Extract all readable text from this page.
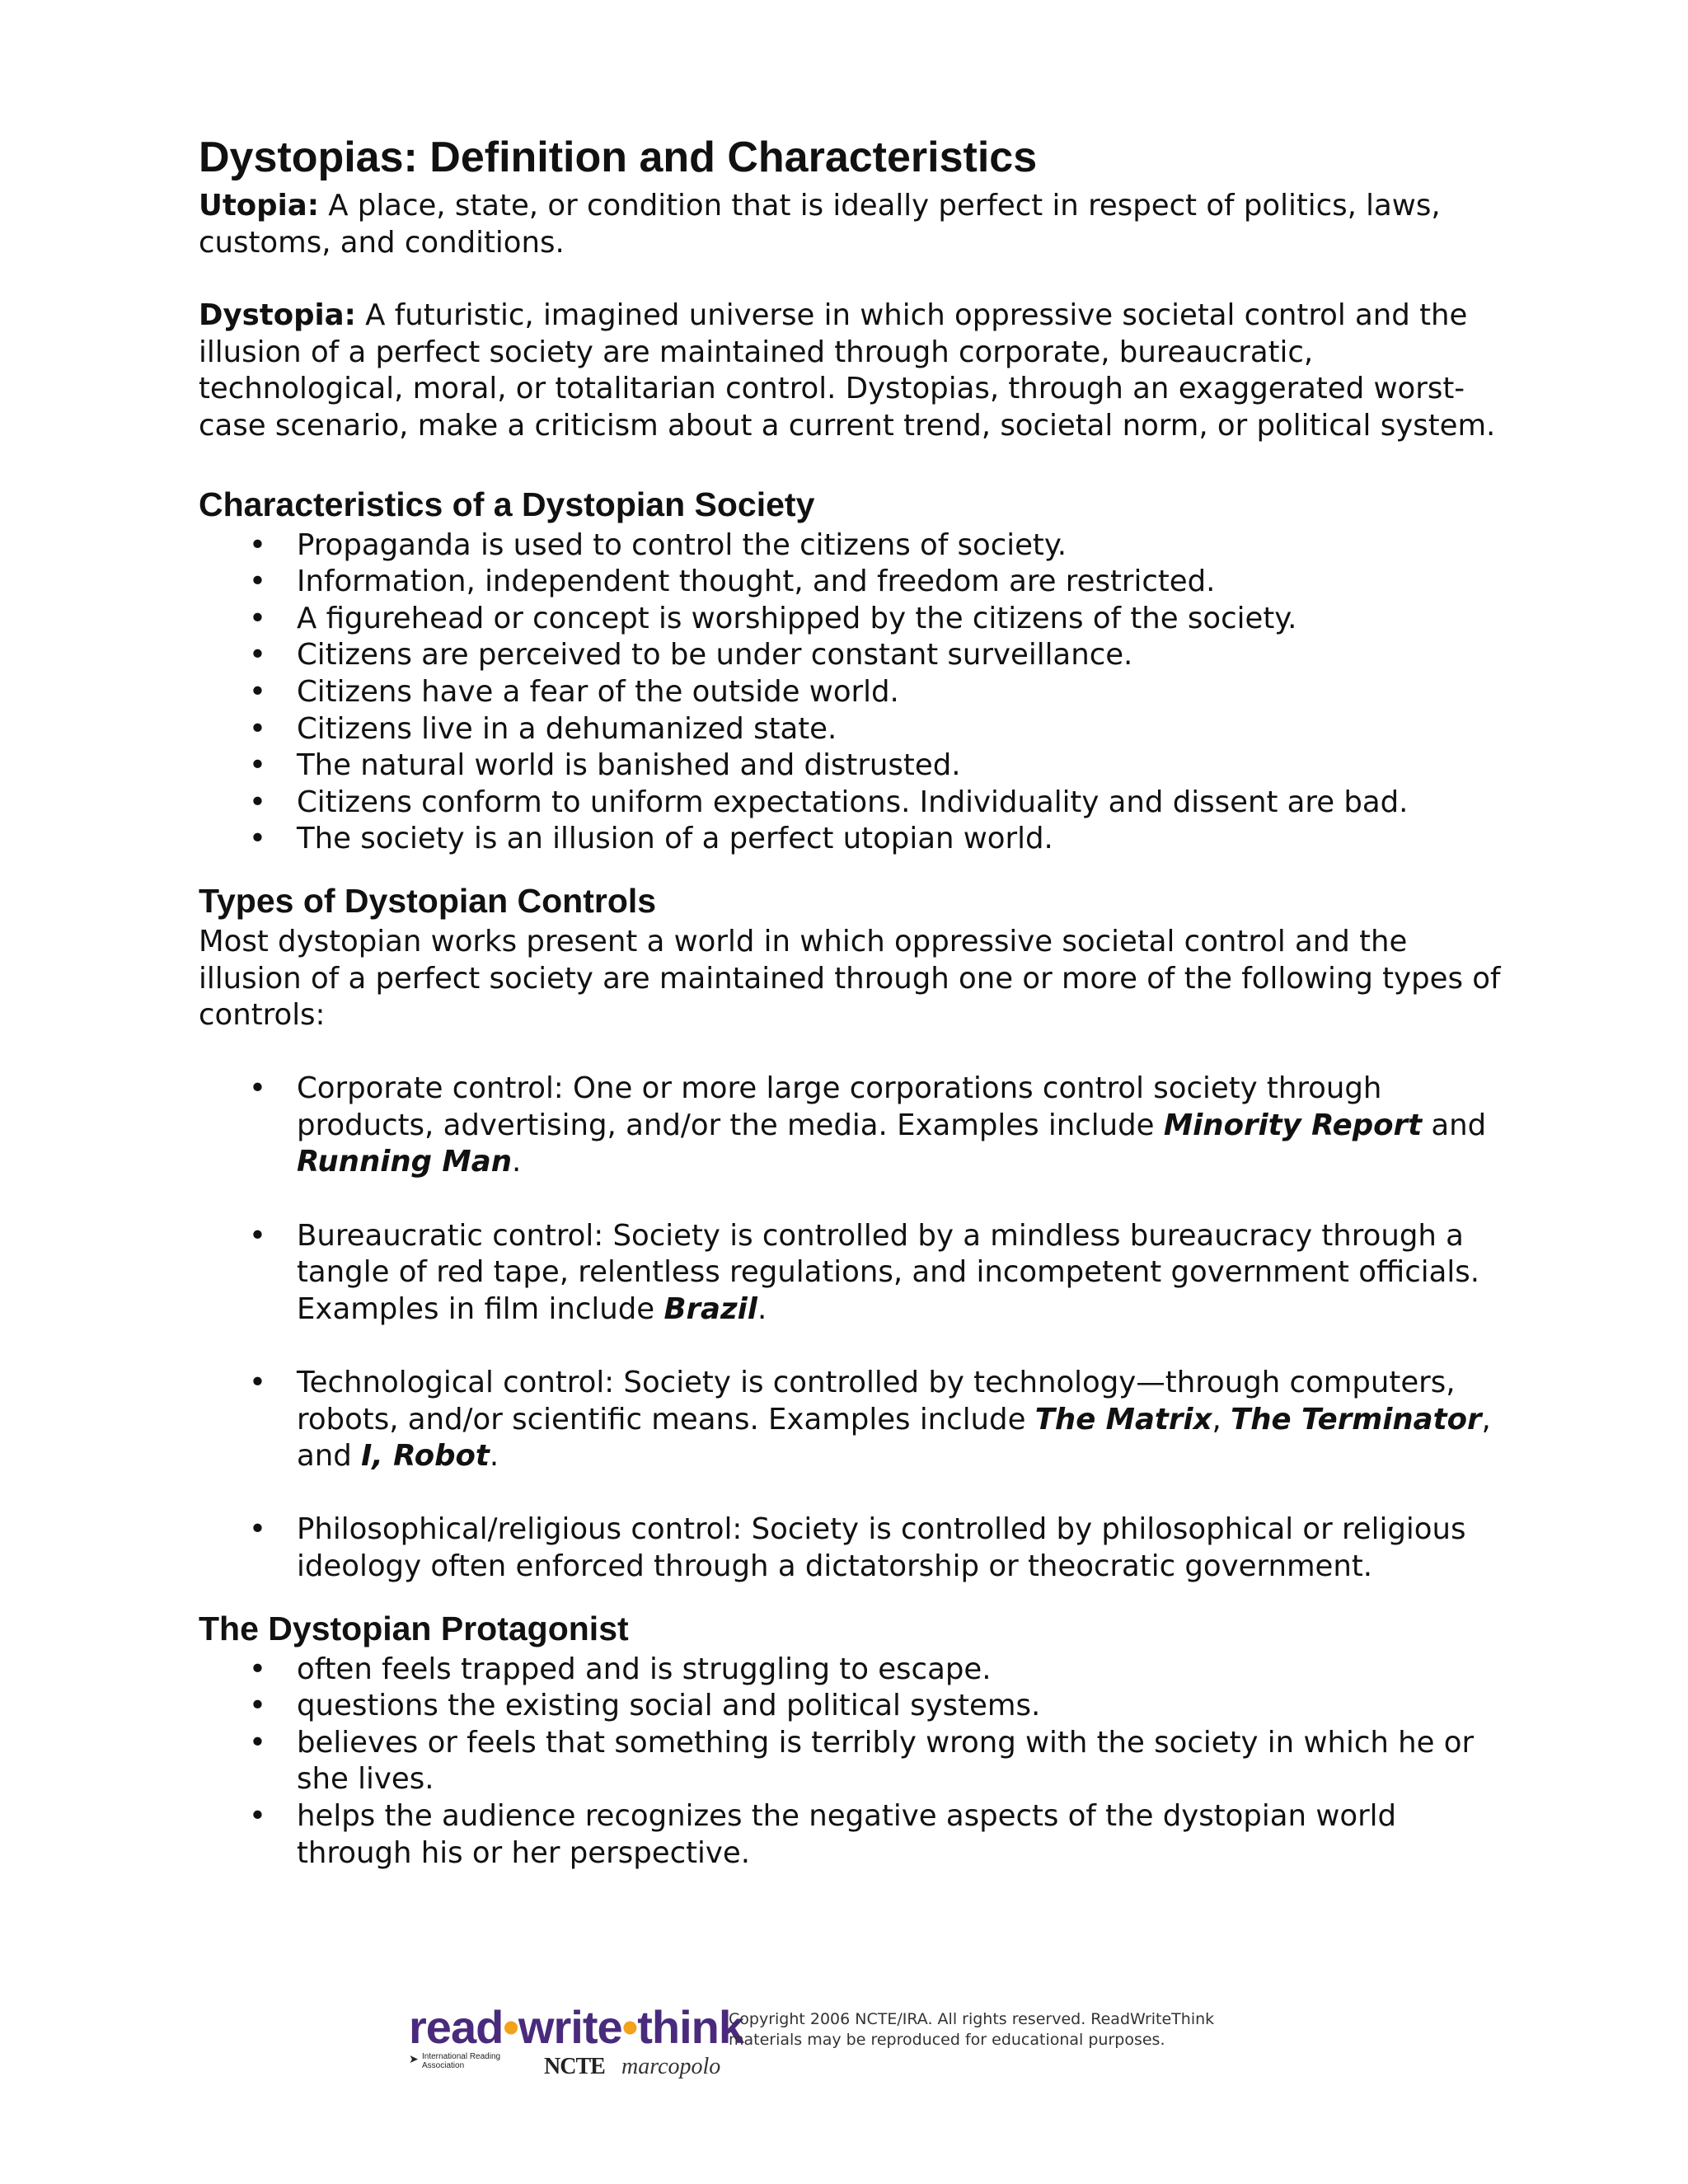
Dystopias: Definition and Characteristics

Utopia: A place, state, or condition that is ideally perfect in respect of politics, laws, customs, and conditions.

Dystopia: A futuristic, imagined universe in which oppressive societal control and the illusion of a perfect society are maintained through corporate, bureaucratic, technological, moral, or totalitarian control. Dystopias, through an exaggerated worst-case scenario, make a criticism about a current trend, societal norm, or political system.

Characteristics of a Dystopian Society
• Propaganda is used to control the citizens of society.
• Information, independent thought, and freedom are restricted.
• A figurehead or concept is worshipped by the citizens of the society.
• Citizens are perceived to be under constant surveillance.
• Citizens have a fear of the outside world.
• Citizens live in a dehumanized state.
• The natural world is banished and distrusted.
• Citizens conform to uniform expectations. Individuality and dissent are bad.
• The society is an illusion of a perfect utopian world.
Types of Dystopian Controls

Most dystopian works present a world in which oppressive societal control and the illusion of a perfect society are maintained through one or more of the following types of controls:

• Corporate control: One or more large corporations control society through products, advertising, and/or the media. Examples include Minority Report and Running Man.
• Bureaucratic control: Society is controlled by a mindless bureaucracy through a tangle of red tape, relentless regulations, and incompetent government officials. Examples in film include Brazil.
• Technological control: Society is controlled by technology—through computers, robots, and/or scientific means. Examples include The Matrix, The Terminator, and I, Robot.
• Philosophical/religious control: Society is controlled by philosophical or religious ideology often enforced through a dictatorship or theocratic government.
The Dystopian Protagonist
• often feels trapped and is struggling to escape.
• questions the existing social and political systems.
• believes or feels that something is terribly wrong with the society in which he or she lives.
• helps the audience recognizes the negative aspects of the dystopian world through his or her perspective.
read•write•think
➤ International Reading Association	NCTE marcopolo
Copyright 2006 NCTE/IRA. All rights reserved. ReadWriteThink materials may be reproduced for educational purposes.
